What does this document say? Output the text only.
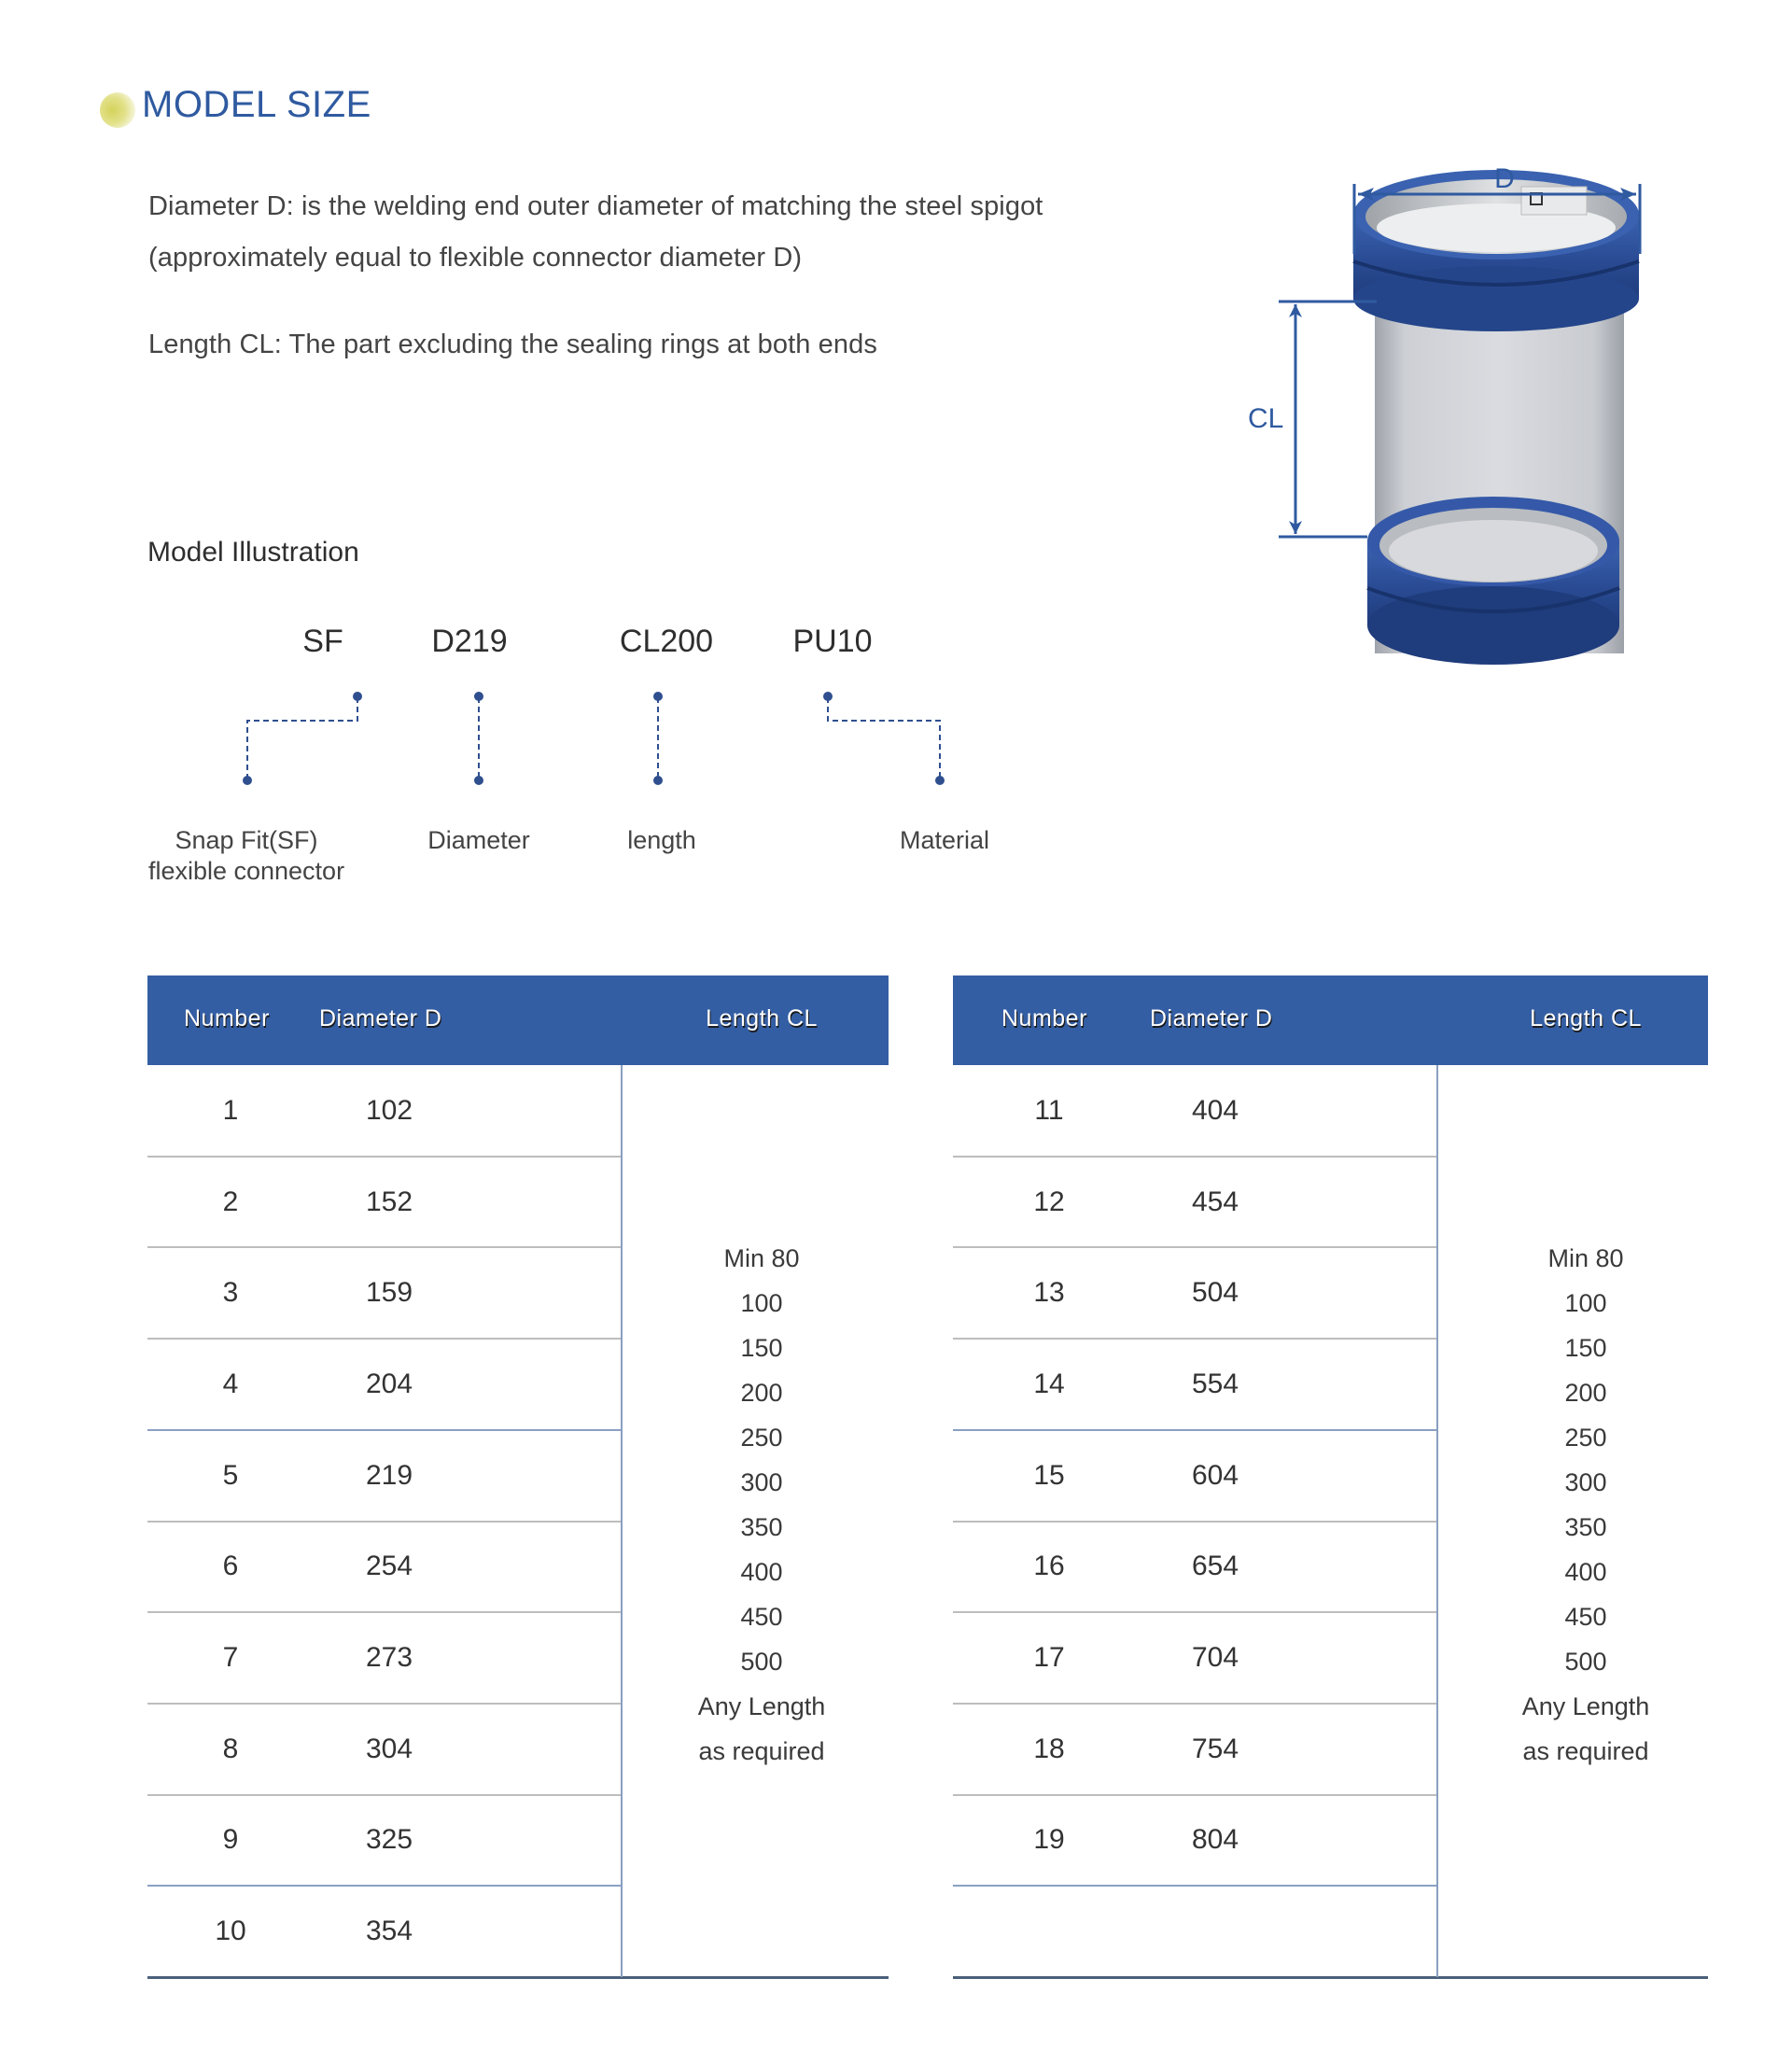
MODEL SIZE
Diameter D: is the welding end outer diameter of matching the steel spigot
(approximately equal to flexible connector diameter D)
Length CL: The part excluding the sealing rings at both ends
D
CL
Model Illustration
SF	D219	CL200	PU10
Snap Fit(SF)
flexible connector
Diameter	length	Material
Number Diameter D	Length CL
1	102
2	152
3	159
4	204
5	219
6	254
7	273
8	304
9	325
10	354
Min 80
100
150
200
250
300
350
400
450
500
Any Length
as required
Number	Diameter D	Length CL
11	404
12	454
13	504
14	554
15	604
16	654
17	704
18	754
19	804
Min 80
100
150
200
250
300
350
400
450
500
Any Length
as required
